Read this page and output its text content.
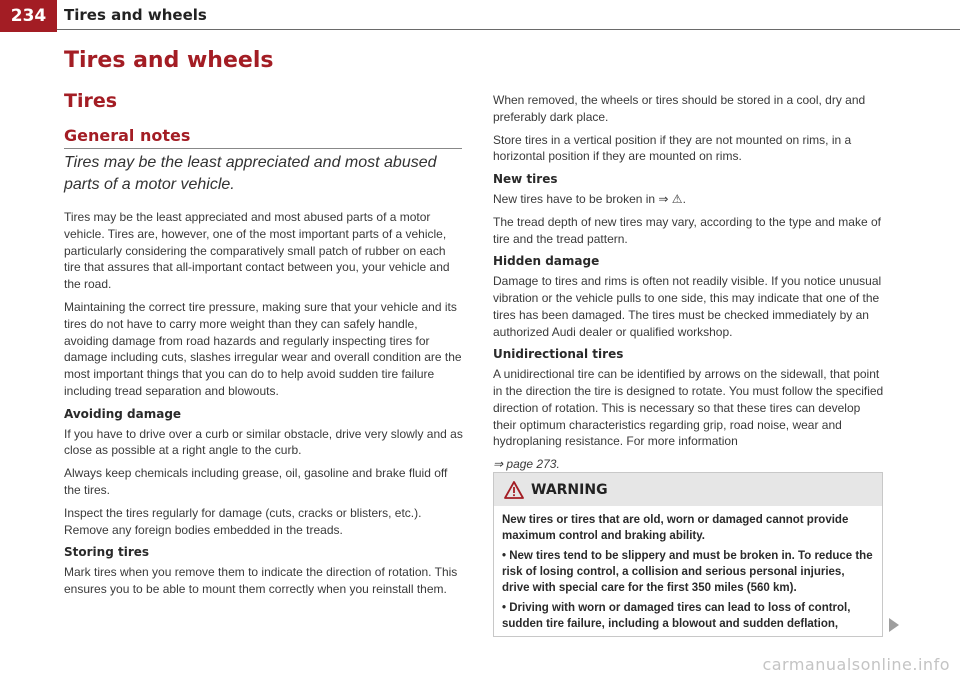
234	Tires and wheels
Tires and wheels
Tires
General notes
Tires may be the least appreciated and most abused parts of a motor vehicle.

Tires may be the least appreciated and most abused parts of a motor vehicle. Tires are, however, one of the most important parts of a vehicle, particularly considering the comparatively small patch of rubber on each tire that assures that all-important contact between you, your vehicle and the road.

Maintaining the correct tire pressure, making sure that your vehicle and its tires do not have to carry more weight than they can safely handle, avoiding damage from road hazards and regularly inspecting tires for damage including cuts, slashes irregular wear and overall condition are the most important things that you can do to help avoid sudden tire failure including tread separation and blowouts.

Avoiding damage

If you have to drive over a curb or similar obstacle, drive very slowly and as close as possible at a right angle to the curb.

Always keep chemicals including grease, oil, gasoline and brake fluid off the tires.

Inspect the tires regularly for damage (cuts, cracks or blisters, etc.). Remove any foreign bodies embedded in the treads.

Storing tires

Mark tires when you remove them to indicate the direction of rotation. This ensures you to be able to mount them correctly when you reinstall them.

When removed, the wheels or tires should be stored in a cool, dry and preferably dark place.

Store tires in a vertical position if they are not mounted on rims, in a horizontal position if they are mounted on rims.

New tires

New tires have to be broken in ⇒ ⚠.

The tread depth of new tires may vary, according to the type and make of tire and the tread pattern.

Hidden damage

Damage to tires and rims is often not readily visible. If you notice unusual vibration or the vehicle pulls to one side, this may indicate that one of the tires has been damaged. The tires must be checked immediately by an authorized Audi dealer or qualified workshop.

Unidirectional tires

A unidirectional tire can be identified by arrows on the sidewall, that point in the direction the tire is designed to rotate. You must follow the specified direction of rotation. This is necessary so that these tires can develop their optimum characteristics regarding grip, road noise, wear and hydroplaning resistance. For more information

⇒ page 273.

WARNING

New tires or tires that are old, worn or damaged cannot provide maximum control and braking ability.

• New tires tend to be slippery and must be broken in. To reduce the risk of losing control, a collision and serious personal injuries, drive with special care for the first 350 miles (560 km).

• Driving with worn or damaged tires can lead to loss of control, sudden tire failure, including a blowout and sudden deflation,

carmanualsonline.info
